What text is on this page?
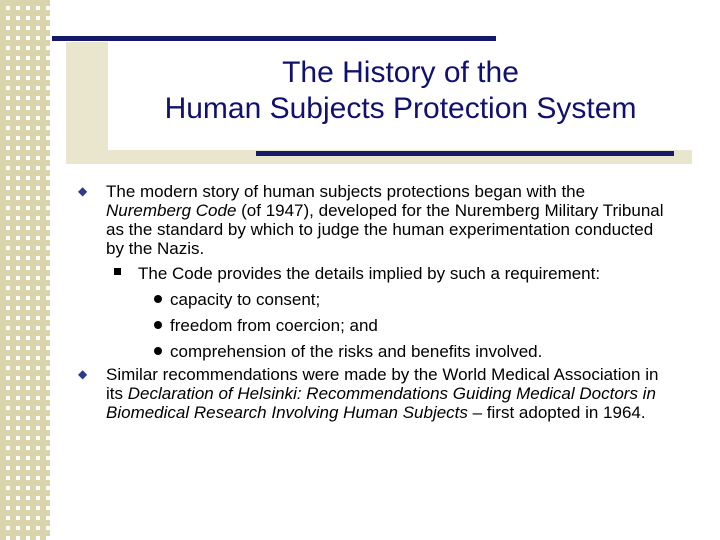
The History of the
Human Subjects Protection System
◆ The modern story of human subjects protections began with the Nuremberg Code (of 1947), developed for the Nuremberg Military Tribunal as the standard by which to judge the human experimentation conducted by the Nazis.
The Code provides the details implied by such a requirement:
capacity to consent;
freedom from coercion; and
comprehension of the risks and benefits involved.
◆ Similar recommendations were made by the World Medical Association in its Declaration of Helsinki: Recommendations Guiding Medical Doctors in Biomedical Research Involving Human Subjects – first adopted in 1964.
